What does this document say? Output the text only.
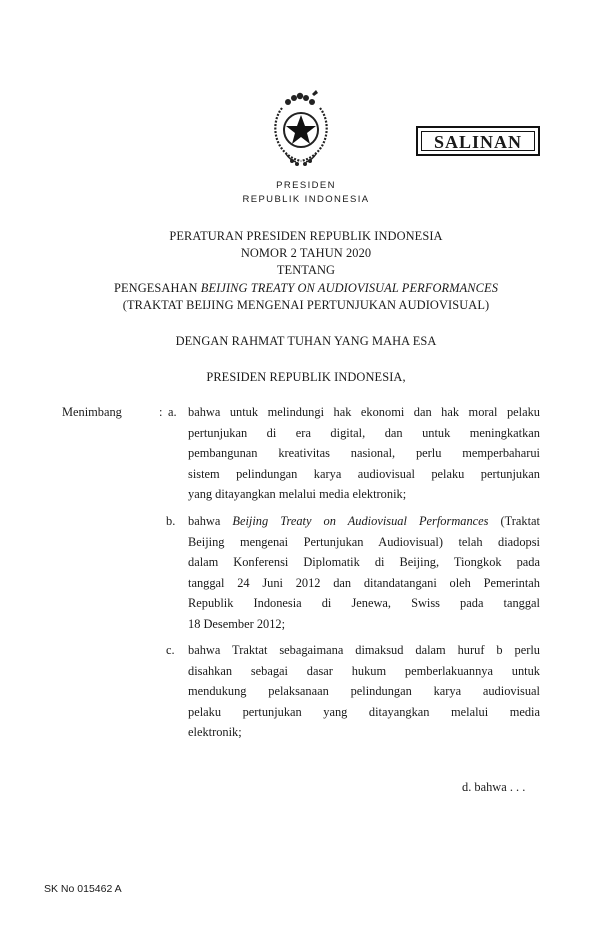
SALINAN
PRESIDEN
REPUBLIK INDONESIA
PERATURAN PRESIDEN REPUBLIK INDONESIA
NOMOR 2 TAHUN 2020
TENTANG
PENGESAHAN BEIJING TREATY ON AUDIOVISUAL PERFORMANCES
(TRAKTAT BEIJING MENGENAI PERTUNJUKAN AUDIOVISUAL)
DENGAN RAHMAT TUHAN YANG MAHA ESA
PRESIDEN REPUBLIK INDONESIA,
Menimbang	: a. bahwa untuk melindungi hak ekonomi dan hak moral pelaku
pertunjukan di era digital, dan untuk meningkatkan
pembangunan kreativitas nasional, perlu memperbaharui
sistem pelindungan karya audiovisual pelaku pertunjukan
yang ditayangkan melalui media elektronik;
b. bahwa Beijing Treaty on Audiovisual Performances (Traktat
Beijing mengenai Pertunjukan Audiovisual) telah diadopsi
dalam Konferensi Diplomatik di Beijing, Tiongkok pada
tanggal 24 Juni 2012 dan ditandatangani oleh Pemerintah
Republik Indonesia di Jenewa, Swiss pada tanggal
18 Desember 2012;
c. bahwa Traktat sebagaimana dimaksud dalam huruf b perlu
disahkan sebagai dasar hukum pemberlakuannya untuk
mendukung pelaksanaan pelindungan karya audiovisual
pelaku pertunjukan yang ditayangkan melalui media
elektronik;
d. bahwa . . .
SK No 015462 A
